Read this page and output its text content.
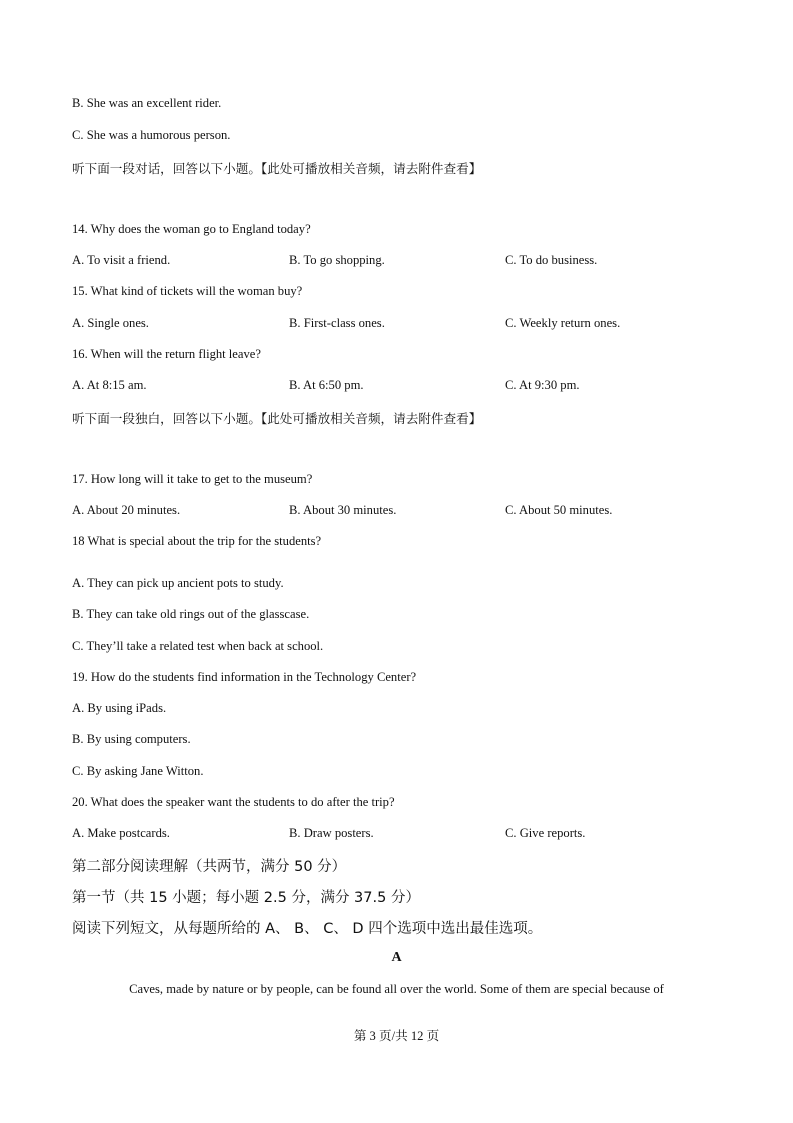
B. She was an excellent rider.
C. She was a humorous person.
听下面一段对话，回答以下小题。【此处可播放相关音频，请去附件查看】
14. Why does the woman go to England today?
A. To visit a friend.	B. To go shopping.	C. To do business.
15. What kind of tickets will the woman buy?
A. Single ones.	B. First-class ones.	C. Weekly return ones.
16. When will the return flight leave?
A. At 8:15 am.	B. At 6:50 pm.	C. At 9:30 pm.
听下面一段独白，回答以下小题。【此处可播放相关音频，请去附件查看】
17. How long will it take to get to the museum?
A. About 20 minutes.	B. About 30 minutes.	C. About 50 minutes.
18 What is special about the trip for the students?
A. They can pick up ancient pots to study.
B. They can take old rings out of the glasscase.
C. They’ll take a related test when back at school.
19. How do the students find information in the Technology Center?
A. By using iPads.
B. By using computers.
C. By asking Jane Witton.
20. What does the speaker want the students to do after the trip?
A. Make postcards.	B. Draw posters.	C. Give reports.
第二部分阅读理解（共两节，满分 50 分）
第一节（共 15 小题；每小题 2.5 分，满分 37.5 分）
阅读下列短文，从每题所给的 A、 B、 C、 D 四个选项中选出最佳选项。
A
Caves, made by nature or by people, can be found all over the world. Some of them are special because of
第 3 页/共 12 页
